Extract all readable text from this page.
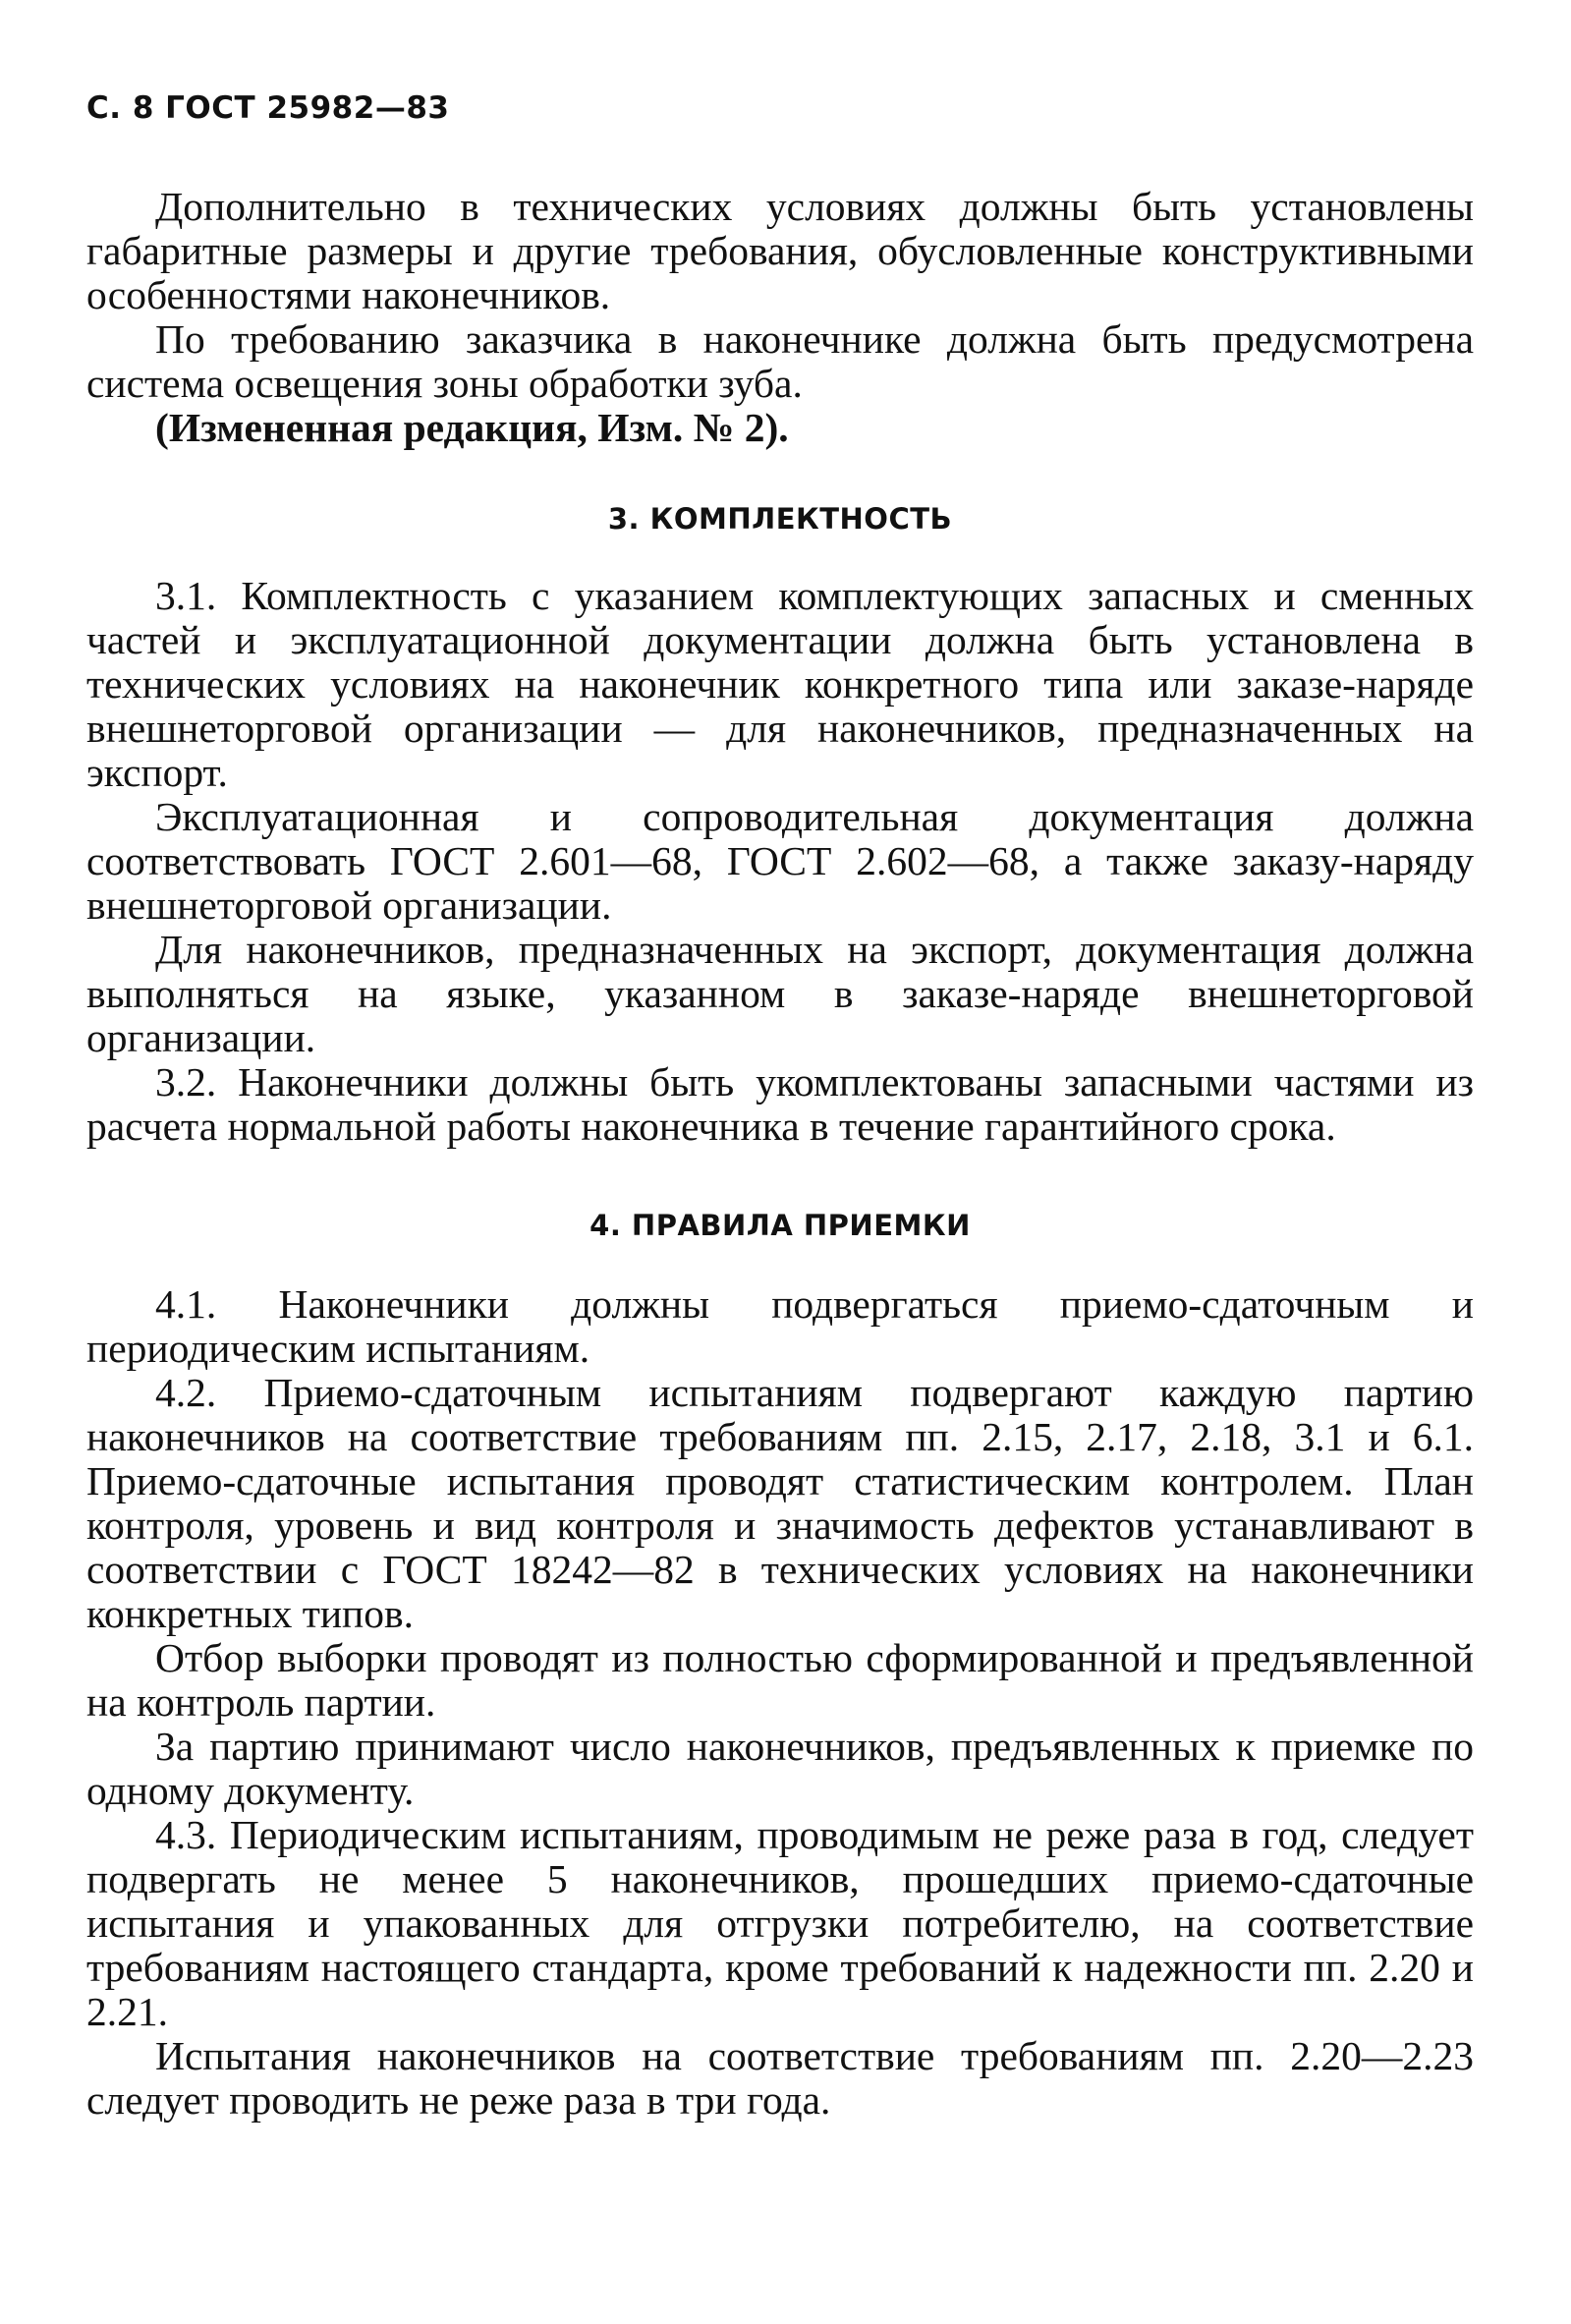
С. 8 ГОСТ 25982—83

Дополнительно в технических условиях должны быть установлены габаритные размеры и другие требования, обусловленные конструктивными особенностями наконечников.

По требованию заказчика в наконечнике должна быть предусмотрена система освещения зоны обработки зуба.

(Измененная редакция, Изм. № 2).

3. КОМПЛЕКТНОСТЬ

3.1. Комплектность с указанием комплектующих запасных и сменных частей и эксплуатационной документации должна быть установлена в технических условиях на наконечник конкретного типа или заказе-наряде внешнеторговой организации — для наконечников, предназначенных на экспорт.

Эксплуатационная и сопроводительная документация должна соответствовать ГОСТ 2.601—68, ГОСТ 2.602—68, а также заказу-наряду внешнеторговой организации.

Для наконечников, предназначенных на экспорт, документация должна выполняться на языке, указанном в заказе-наряде внешнеторговой организации.

3.2. Наконечники должны быть укомплектованы запасными частями из расчета нормальной работы наконечника в течение гарантийного срока.

4. ПРАВИЛА ПРИЕМКИ

4.1. Наконечники должны подвергаться приемо-сдаточным и периодическим испытаниям.

4.2. Приемо-сдаточным испытаниям подвергают каждую партию наконечников на соответствие требованиям пп. 2.15, 2.17, 2.18, 3.1 и 6.1. Приемо-сдаточные испытания проводят статистическим контролем. План контроля, уровень и вид контроля и значимость дефектов устанавливают в соответствии с ГОСТ 18242—82 в технических условиях на наконечники конкретных типов.

Отбор выборки проводят из полностью сформированной и предъявленной на контроль партии.

За партию принимают число наконечников, предъявленных к приемке по одному документу.

4.3. Периодическим испытаниям, проводимым не реже раза в год, следует подвергать не менее 5 наконечников, прошедших приемо-сдаточные испытания и упакованных для отгрузки потребителю, на соответствие требованиям настоящего стандарта, кроме требований к надежности пп. 2.20 и 2.21.

Испытания наконечников на соответствие требованиям пп. 2.20—2.23 следует проводить не реже раза в три года.
